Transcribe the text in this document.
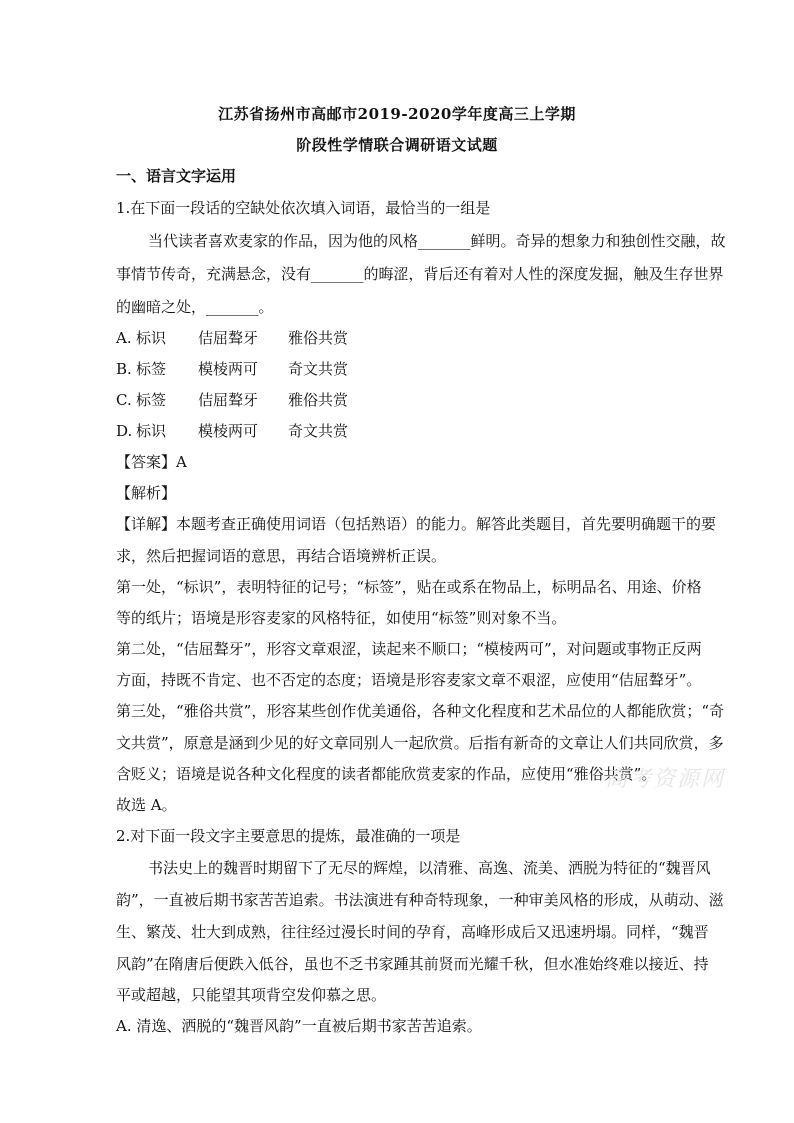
江苏省扬州市高邮市2019-2020学年度高三上学期
阶段性学情联合调研语文试题
一、语言文字运用
1.在下面一段话的空缺处依次填入词语，最恰当的一组是
当代读者喜欢麦家的作品，因为他的风格_______鲜明。奇异的想象力和独创性交融，故
事情节传奇，充满悬念，没有_______的晦涩，背后还有着对人性的深度发掘，触及生存世界
的幽暗之处，_______。
A. 标识 佶屈聱牙 雅俗共赏
B. 标签 模棱两可 奇文共赏
C. 标签 佶屈聱牙 雅俗共赏
D. 标识 模棱两可 奇文共赏
【答案】A
【解析】
【详解】本题考查正确使用词语（包括熟语）的能力。解答此类题目，首先要明确题干的要
求，然后把握词语的意思，再结合语境辨析正误。
第一处，“标识”，表明特征的记号；“标签”，贴在或系在物品上，标明品名、用途、价格
等的纸片；语境是形容麦家的风格特征，如使用“标签”则对象不当。
第二处，“佶屈聱牙”，形容文章艰涩，读起来不顺口；“模棱两可”，对问题或事物正反两
方面，持既不肯定、也不否定的态度；语境是形容麦家文章不艰涩，应使用“佶屈聱牙”。
第三处，“雅俗共赏”，形容某些创作优美通俗，各种文化程度和艺术品位的人都能欣赏；“奇
文共赏”，原意是涵到少见的好文章同别人一起欣赏。后指有新奇的文章让人们共同欣赏，多
含贬义；语境是说各种文化程度的读者都能欣赏麦家的作品，应使用“雅俗共赏”。
故选 A。
高考资源网
2.对下面一段文字主要意思的提炼，最准确的一项是
书法史上的魏晋时期留下了无尽的辉煌，以清雅、高逸、流美、洒脱为特征的“魏晋风
韵”，一直被后期书家苦苦追索。书法演进有种奇特现象，一种审美风格的形成，从萌动、滋
生、繁茂、壮大到成熟，往往经过漫长时间的孕育，高峰形成后又迅速坍塌。同样，“魏晋
风韵”在隋唐后便跌入低谷，虽也不乏书家踵其前贤而光耀千秋，但水准始终难以接近、持
平或超越，只能望其项背空发仰慕之思。
A. 清逸、洒脱的“魏晋风韵”一直被后期书家苦苦追索。
